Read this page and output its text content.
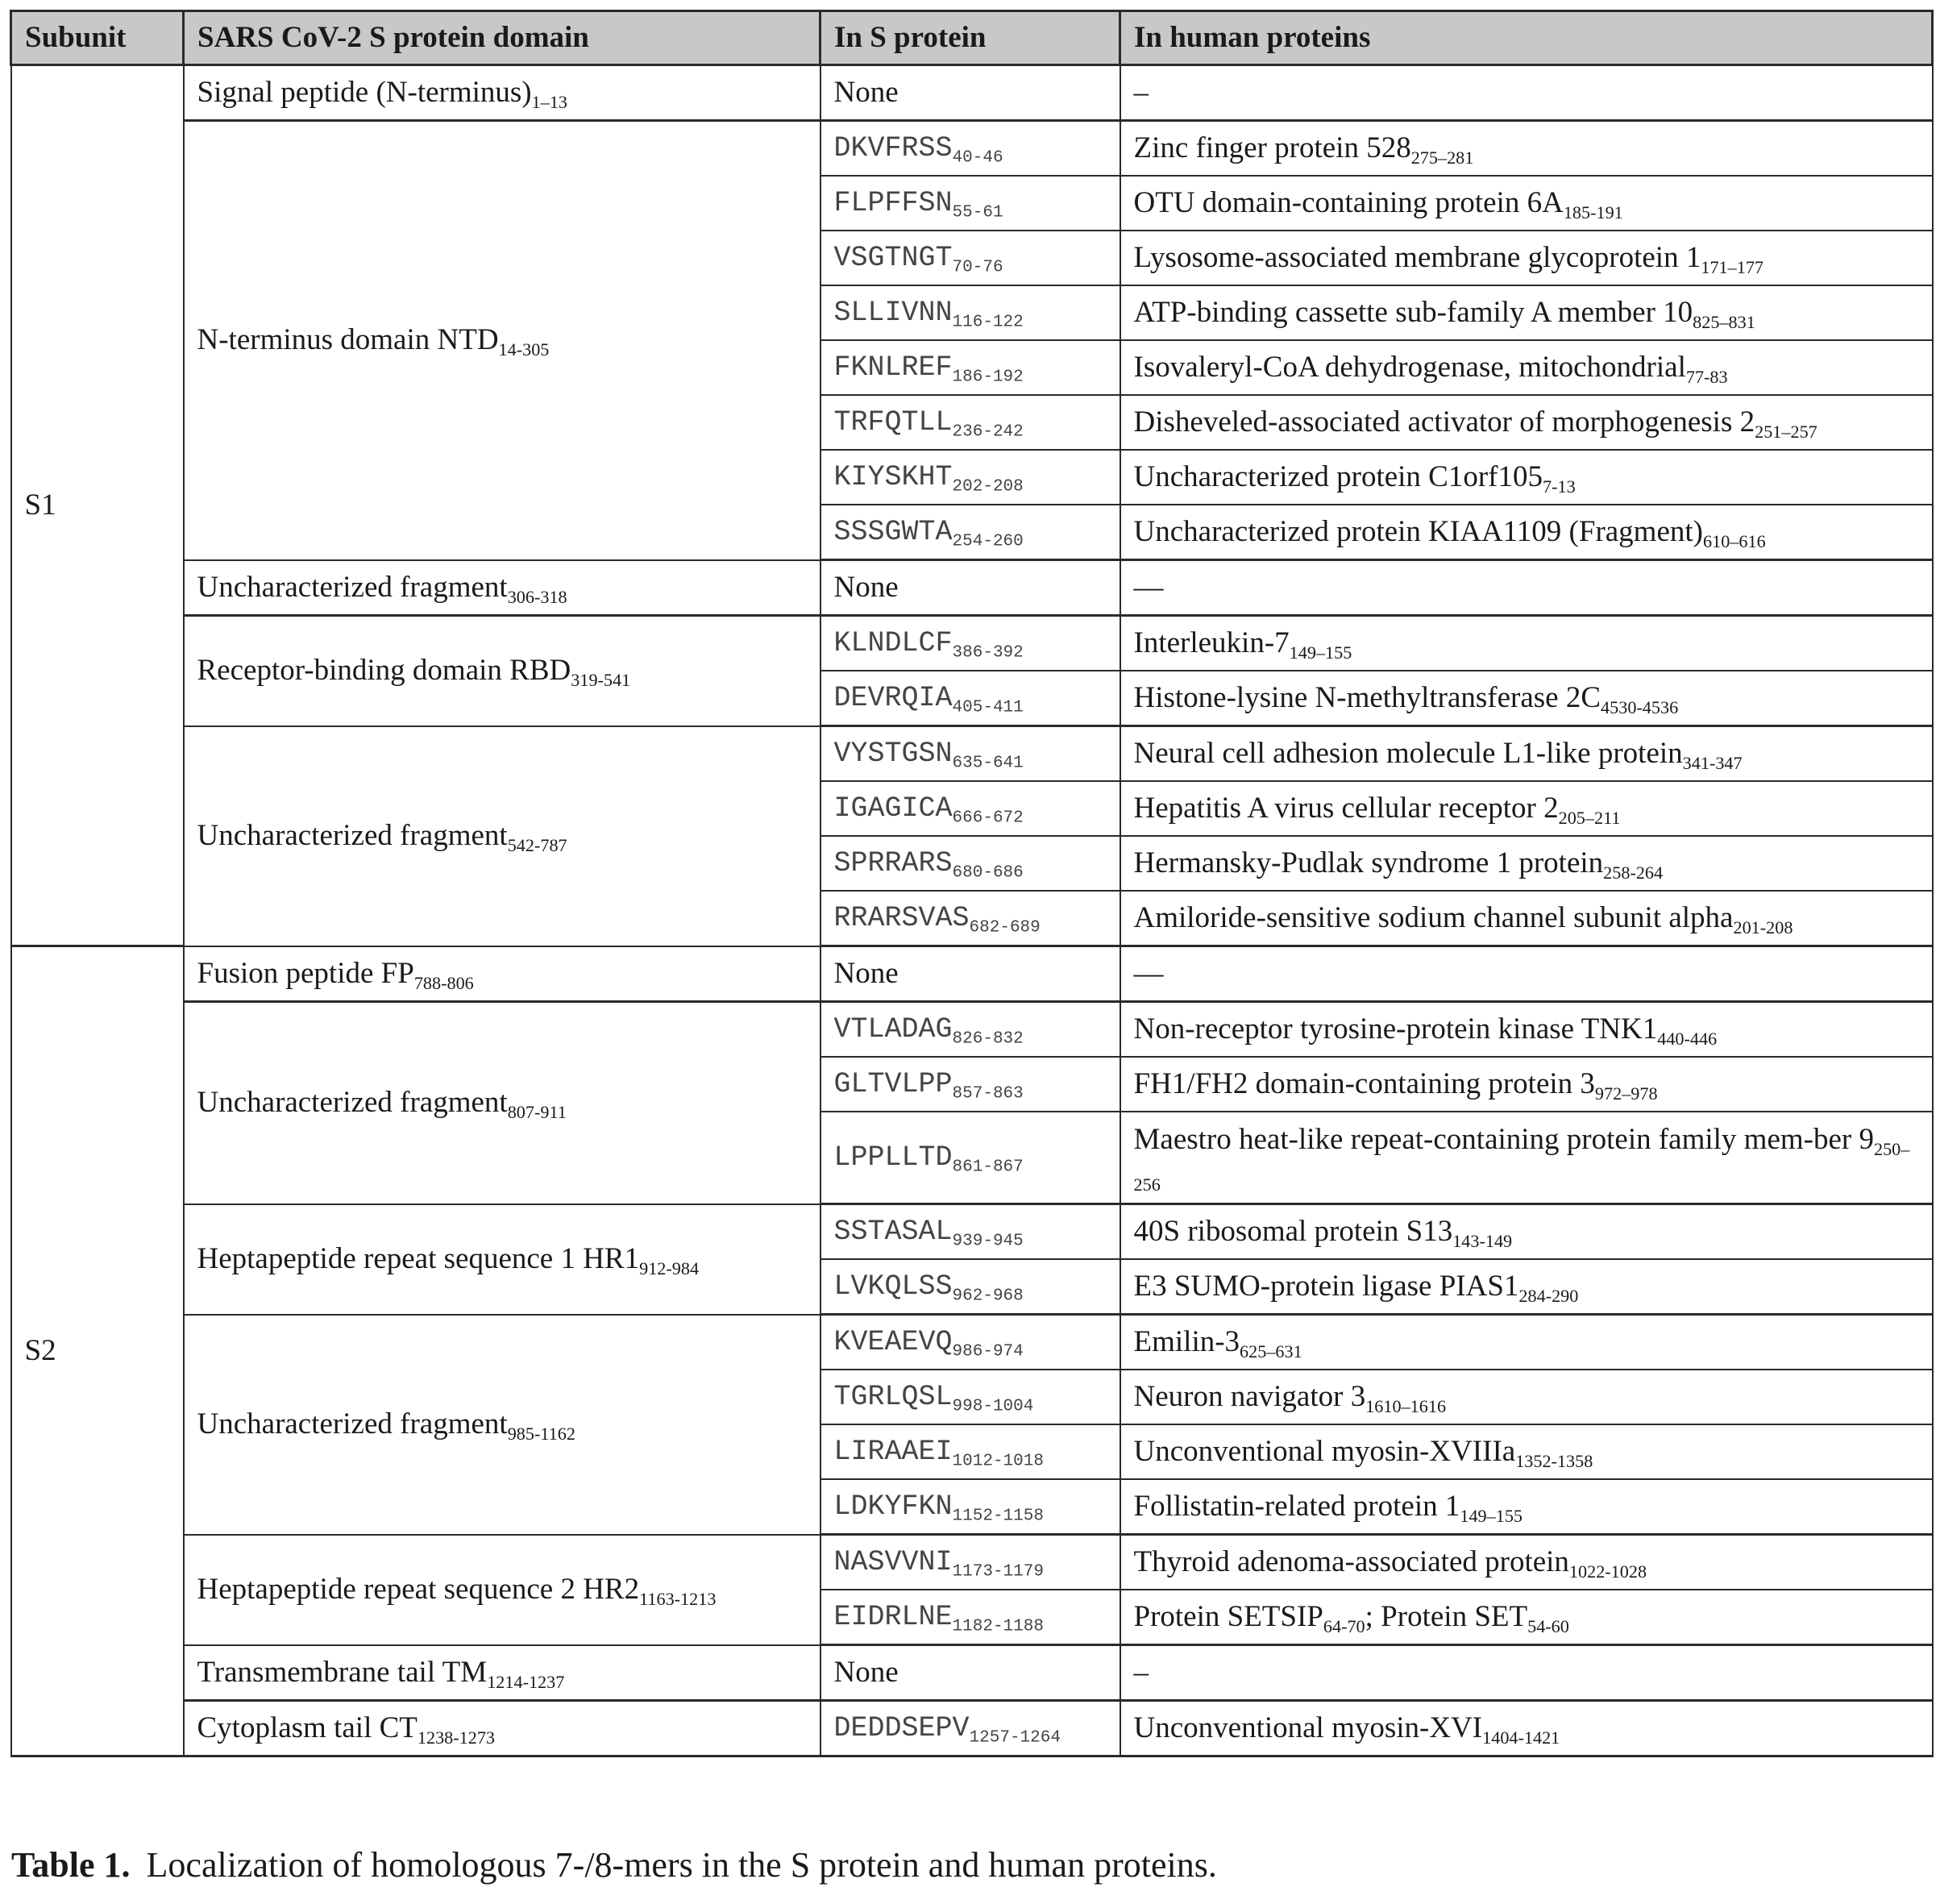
Subunit	SARS CoV-2 S protein domain	In S protein	In human proteins
S1	Signal peptide $(N-terminus)_{1-13}$	None	–
	N-terminus domain $NTD_{14-305}$	$DKVFRSS_{40-46}$	Zinc finger protein $528_{275-281}$
		$FLPFFSN_{55-61}$	OTU domain-containing protein $6A_{185-191}$
		$VSGTNGT_{70-76}$	Lysosome-associated membrane glycoprotein $1_{171-177}$
		$SLLIVNN_{116-122}$	ATP-binding cassette sub-family A member $10_{825-831}$
		$FKNLREF_{186-192}$	Isovaleryl-CoA dehydrogenase, mitochondrial$_{77-83}$
		$TRFQTLL_{236-242}$	Disheveled-associated activator of morphogenesis $2_{251-257}$
		$KIYSKHT_{202-208}$	Uncharacterized protein $C1orf105_{7-13}$
		$SSSGWTA_{254-260}$	Uncharacterized protein KIAA1109 $(Fragment)_{610-616}$
	Uncharacterized fragment$_{306-318}$	None	—
	Receptor-binding domain $RBD_{319-541}$	$KLNDLCF_{386-392}$	Interleukin-$7_{149-155}$
		$DEVRQIA_{405-411}$	Histone-lysine N-methyltransferase $2C_{4530-4536}$
	Uncharacterized fragment$_{542-787}$	$VYSTGSN_{635-641}$	Neural cell adhesion molecule L1-like protein$_{341-347}$
		$IGAGICA_{666-672}$	Hepatitis A virus cellular receptor $2_{205-211}$
		$SPRRARS_{680-686}$	Hermansky-Pudlak syndrome 1 protein$_{258-264}$
		$RRARSVAS_{682-689}$	Amiloride-sensitive sodium channel subunit alpha$_{201-208}$
S2	Fusion peptide $FP_{788-806}$	None	—
	Uncharacterized fragment$_{807-911}$	$VTLADAG_{826-832}$	Non-receptor tyrosine-protein kinase $TNK1_{440-446}$
		$GLTVLPP_{857-863}$	FH1/FH2 domain-containing protein $3_{972-978}$
		$LPPLLTD_{861-867}$	Maestro heat-like repeat-containing protein family mem-ber $9_{250-256}$
	Heptapeptide repeat sequence 1 $HR1_{912-984}$	$SSTASAL_{939-945}$	40S ribosomal protein $S13_{143-149}$
		$LVKQLSS_{962-968}$	E3 SUMO-protein ligase $PIAS1_{284-290}$
	Uncharacterized fragment$_{985-1162}$	$KVEAEVQ_{986-974}$	Emilin-$3_{625-631}$
		$TGRLQSL_{998-1004}$	Neuron navigator $3_{1610-1616}$
		$LIRAAEI_{1012-1018}$	Unconventional myosin-XVIIIa$_{1352-1358}$
		$LDKYFKN_{1152-1158}$	Follistatin-related protein $1_{149-155}$
	Heptapeptide repeat sequence 2 $HR2_{1163-1213}$	$NASVVNI_{1173-1179}$	Thyroid adenoma-associated protein$_{1022-1028}$
		$EIDRLNE_{1182-1188}$	Protein $SETSIP_{64-70}$; Protein $SET_{54-60}$
	Transmembrane tail $TM_{1214-1237}$	None	–
	Cytoplasm tail $CT_{1238-1273}$	$DEDDSEPV_{1257-1264}$	Unconventional myosin-$XVI_{1404-1421}$
Table 1. Localization of homologous 7-/8-mers in the S protein and human proteins.
